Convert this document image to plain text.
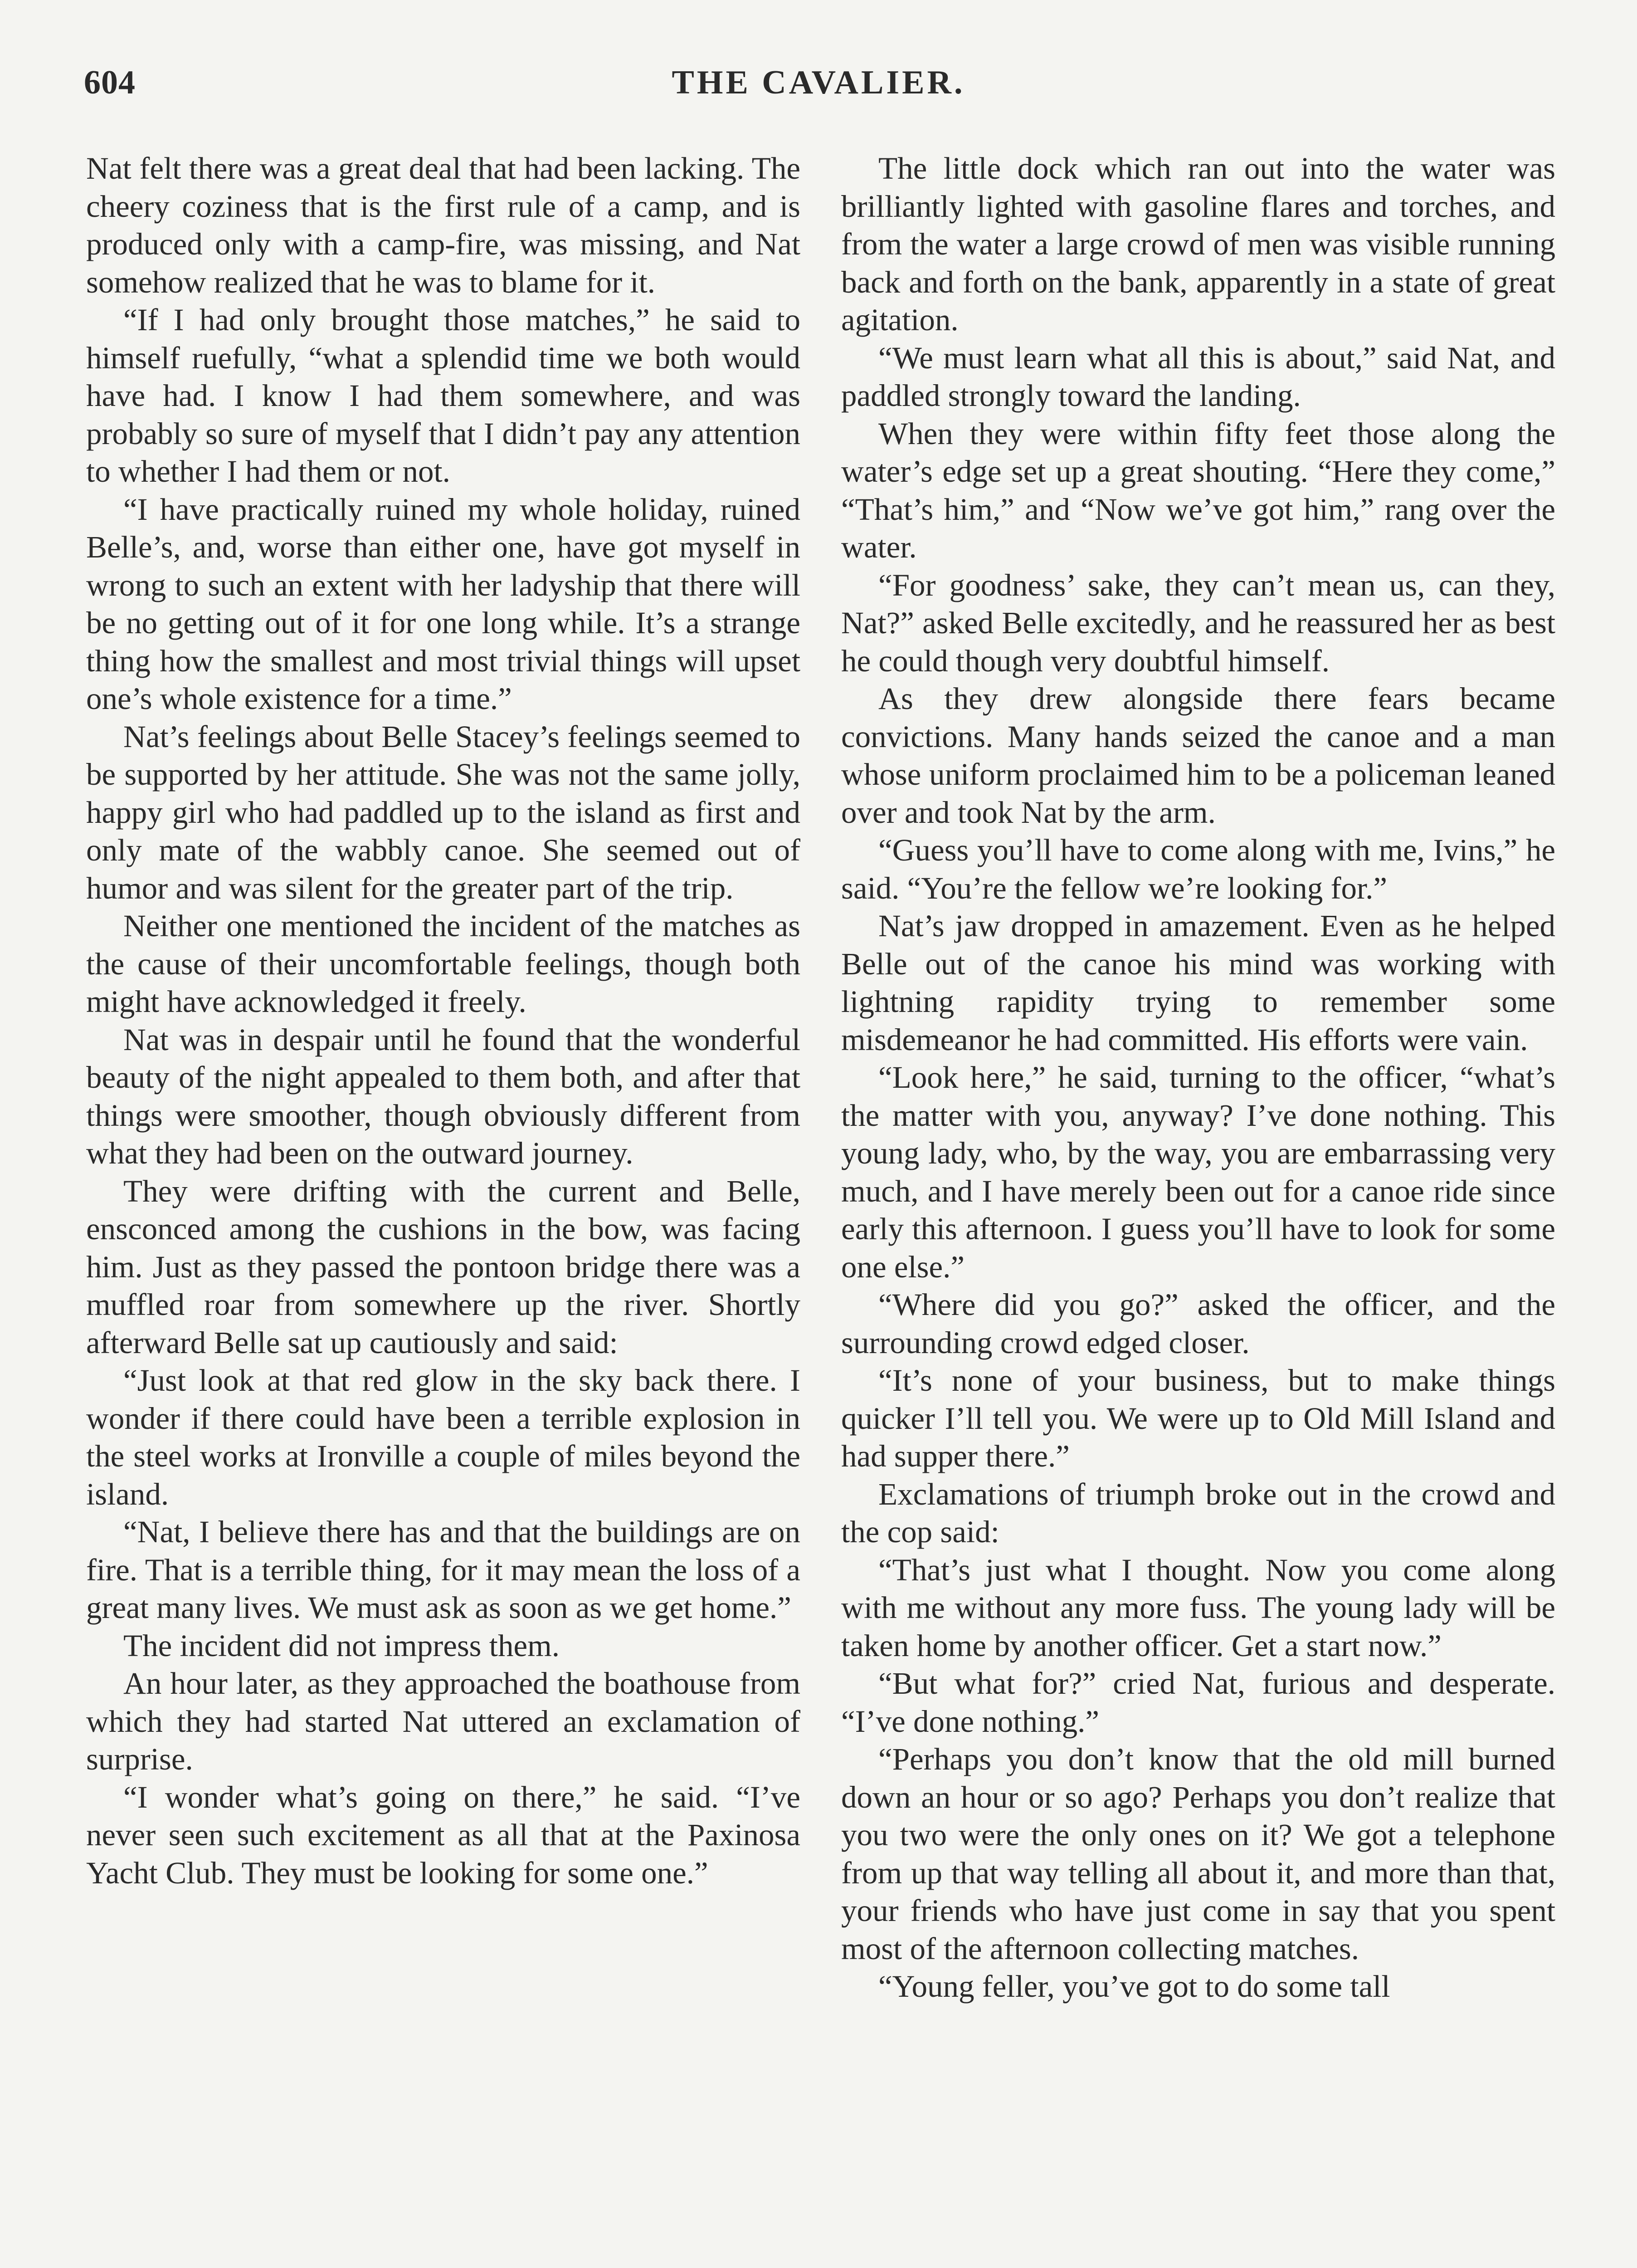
604	THE CAVALIER.

Nat felt there was a great deal that had been lacking. The cheery coziness that is the first rule of a camp, and is produced only with a camp-fire, was missing, and Nat somehow realized that he was to blame for it.

“If I had only brought those matches,” he said to himself ruefully, “what a splendid time we both would have had. I know I had them somewhere, and was probably so sure of myself that I didn’t pay any attention to whether I had them or not.

“I have practically ruined my whole holiday, ruined Belle’s, and, worse than either one, have got myself in wrong to such an extent with her ladyship that there will be no getting out of it for one long while. It’s a strange thing how the smallest and most trivial things will upset one’s whole existence for a time.”

Nat’s feelings about Belle Stacey’s feelings seemed to be supported by her attitude. She was not the same jolly, happy girl who had paddled up to the island as first and only mate of the wabbly canoe. She seemed out of humor and was silent for the greater part of the trip.

Neither one mentioned the incident of the matches as the cause of their uncomfortable feelings, though both might have acknowledged it freely.

Nat was in despair until he found that the wonderful beauty of the night appealed to them both, and after that things were smoother, though obviously different from what they had been on the outward journey.

They were drifting with the current and Belle, ensconced among the cushions in the bow, was facing him. Just as they passed the pontoon bridge there was a muffled roar from somewhere up the river. Shortly afterward Belle sat up cautiously and said:

“Just look at that red glow in the sky back there. I wonder if there could have been a terrible explosion in the steel works at Ironville a couple of miles beyond the island.

“Nat, I believe there has and that the buildings are on fire. That is a terrible thing, for it may mean the loss of a great many lives. We must ask as soon as we get home.”

The incident did not impress them.

An hour later, as they approached the boathouse from which they had started Nat uttered an exclamation of surprise.

“I wonder what’s going on there,” he said. “I’ve never seen such excitement as all that at the Paxinosa Yacht Club. They must be looking for some one.”

The little dock which ran out into the water was brilliantly lighted with gasoline flares and torches, and from the water a large crowd of men was visible running back and forth on the bank, apparently in a state of great agitation.

“We must learn what all this is about,” said Nat, and paddled strongly toward the landing.

When they were within fifty feet those along the water’s edge set up a great shouting. “Here they come,” “That’s him,” and “Now we’ve got him,” rang over the water.

“For goodness’ sake, they can’t mean us, can they, Nat?” asked Belle excitedly, and he reassured her as best he could though very doubtful himself.

As they drew alongside there fears became convictions. Many hands seized the canoe and a man whose uniform proclaimed him to be a policeman leaned over and took Nat by the arm.

“Guess you’ll have to come along with me, Ivins,” he said. “You’re the fellow we’re looking for.”

Nat’s jaw dropped in amazement. Even as he helped Belle out of the canoe his mind was working with lightning rapidity trying to remember some misdemeanor he had committed. His efforts were vain.

“Look here,” he said, turning to the officer, “what’s the matter with you, anyway? I’ve done nothing. This young lady, who, by the way, you are embarrassing very much, and I have merely been out for a canoe ride since early this afternoon. I guess you’ll have to look for some one else.”

“Where did you go?” asked the officer, and the surrounding crowd edged closer.

“It’s none of your business, but to make things quicker I’ll tell you. We were up to Old Mill Island and had supper there.”

Exclamations of triumph broke out in the crowd and the cop said:

“That’s just what I thought. Now you come along with me without any more fuss. The young lady will be taken home by another officer. Get a start now.”

“But what for?” cried Nat, furious and desperate. “I’ve done nothing.”

“Perhaps you don’t know that the old mill burned down an hour or so ago? Perhaps you don’t realize that you two were the only ones on it? We got a telephone from up that way telling all about it, and more than that, your friends who have just come in say that you spent most of the afternoon collecting matches.

“Young feller, you’ve got to do some tall
